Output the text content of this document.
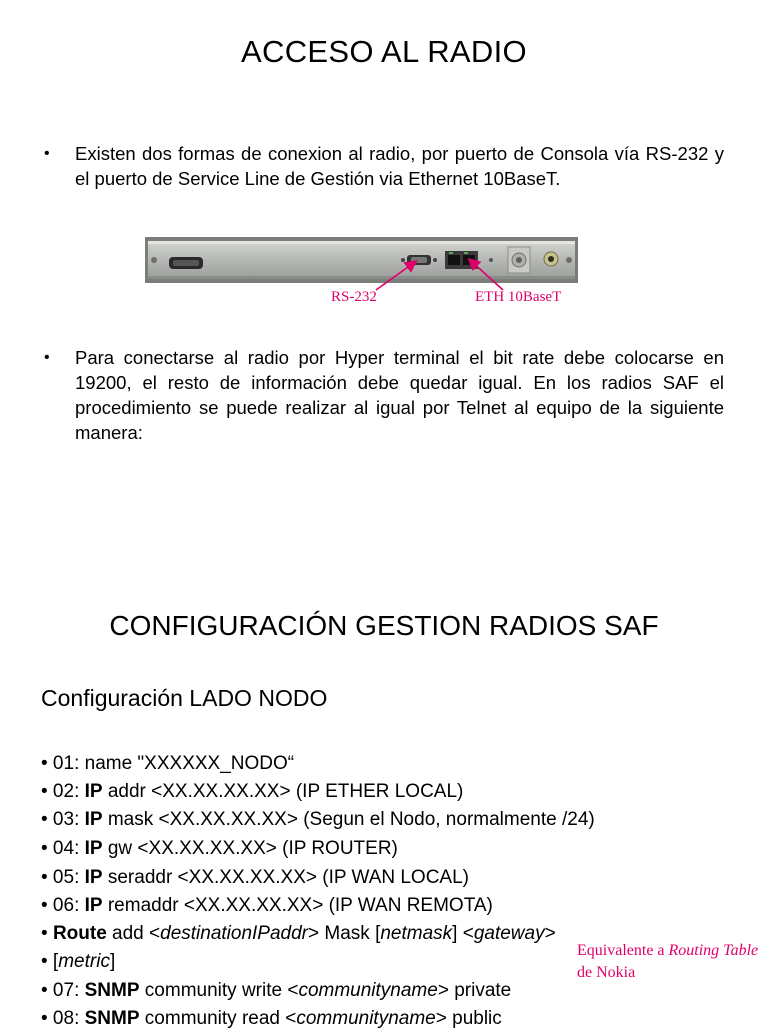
ACCESO AL RADIO
• Existen dos formas de conexion al radio, por puerto de Consola vía RS-232 y el puerto de Service Line de Gestión via Ethernet 10BaseT.
RS-232	ETH 10BaseT
• Para conectarse al radio por Hyper terminal el bit rate debe colocarse en 19200, el resto de información debe quedar igual. En los radios SAF el procedimiento se puede realizar al igual por Telnet al equipo de la siguiente manera:
CONFIGURACIÓN GESTION RADIOS SAF
Configuración LADO NODO
• 01: name "XXXXXX_NODO“
• 02: IP addr <XX.XX.XX.XX> (IP ETHER LOCAL)
• 03: IP mask <XX.XX.XX.XX> (Segun el Nodo, normalmente /24)
• 04: IP gw <XX.XX.XX.XX> (IP ROUTER)
• 05: IP seraddr <XX.XX.XX.XX> (IP WAN LOCAL)
• 06: IP remaddr <XX.XX.XX.XX> (IP WAN REMOTA)
• Route add <destinationIPaddr> Mask [netmask] <gateway>
• [metric]
• 07: SNMP community write <communityname> private
• 08: SNMP community read <communityname> public
Equivalente a Routing Table de Nokia
